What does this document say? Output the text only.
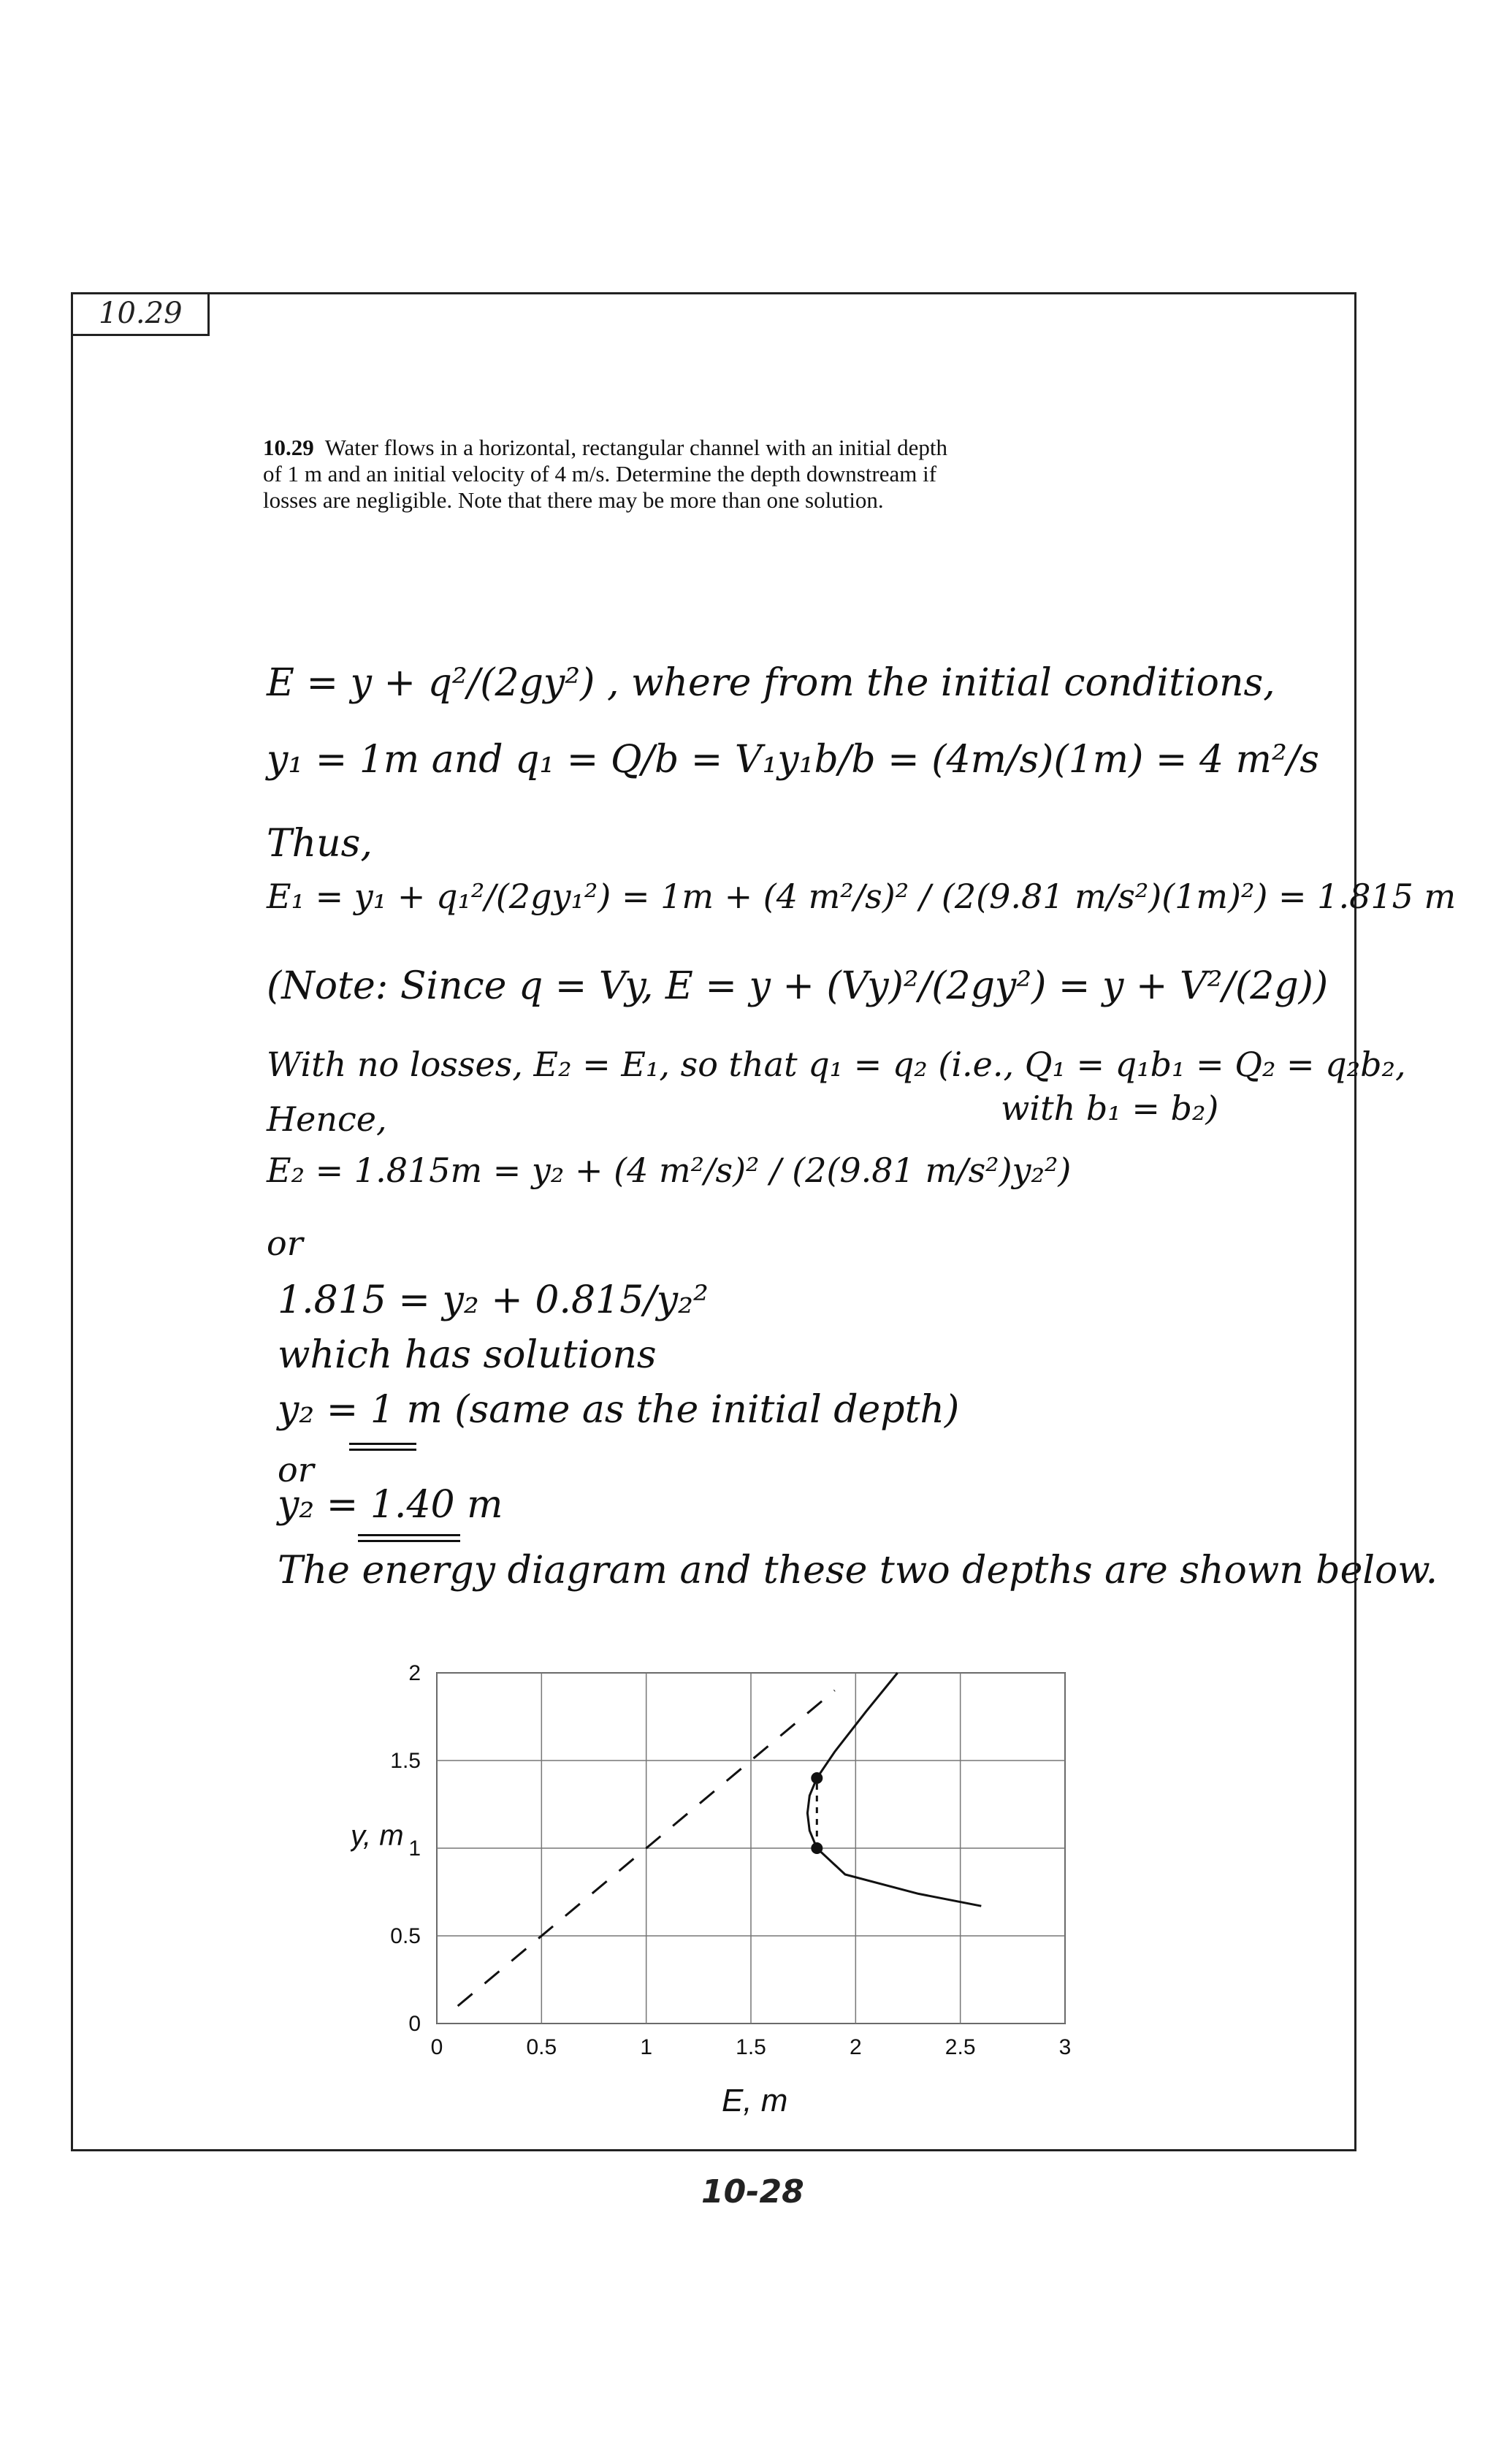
10.29
10.29 Water flows in a horizontal, rectangular channel with an initial depth of 1 m and an initial velocity of 4 m/s. Determine the depth downstream if losses are negligible. Note that there may be more than one solution.
E = y + q²/(2gy²) , where from the initial conditions,
y₁ = 1m and q₁ = Q/b = V₁y₁b/b = (4m/s)(1m) = 4 m²/s
Thus,
E₁ = y₁ + q₁²/(2gy₁²) = 1m + (4 m²/s)² / (2(9.81 m/s²)(1m)²) = 1.815 m
(Note: Since q = Vy, E = y + (Vy)²/(2gy²) = y + V²/(2g))
With no losses, E₂ = E₁, so that q₁ = q₂ (i.e., Q₁ = q₁b₁ = Q₂ = q₂b₂,
with b₁ = b₂)
Hence,
E₂ = 1.815m = y₂ + (4 m²/s)² / (2(9.81 m/s²)y₂²)
or
1.815 = y₂ + 0.815/y₂²
which has solutions
y₂ = 1 m (same as the initial depth)
or
y₂ = 1.40 m
The energy diagram and these two depths are shown below.
0	0.5	1	1.5	2	2.5	3
0
0.5
1
1.5
2
E, m
y, m
10-28
